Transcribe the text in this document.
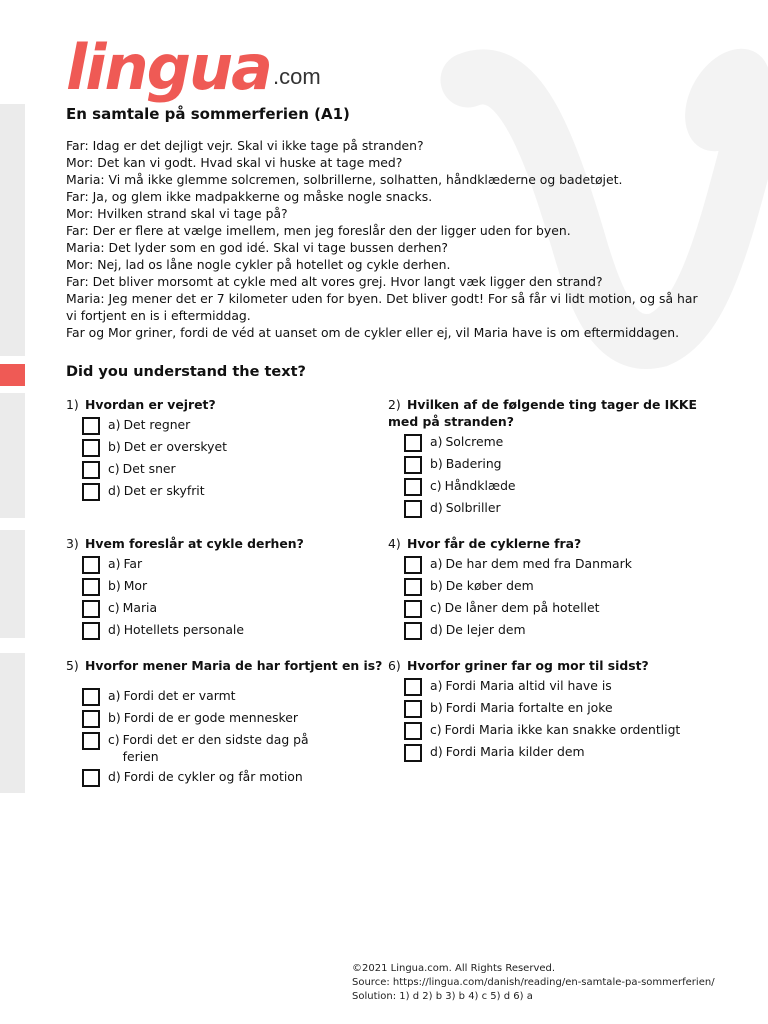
lingua .com
En samtale på sommerferien (A1)
Far: Idag er det dejligt vejr. Skal vi ikke tage på stranden?
Mor: Det kan vi godt. Hvad skal vi huske at tage med?
Maria: Vi må ikke glemme solcremen, solbrillerne, solhatten, håndklæderne og badetøjet.
Far: Ja, og glem ikke madpakkerne og måske nogle snacks.
Mor: Hvilken strand skal vi tage på?
Far: Der er flere at vælge imellem, men jeg foreslår den der ligger uden for byen.
Maria: Det lyder som en god idé. Skal vi tage bussen derhen?
Mor: Nej, lad os låne nogle cykler på hotellet og cykle derhen.
Far: Det bliver morsomt at cykle med alt vores grej. Hvor langt væk ligger den strand?
Maria: Jeg mener det er 7 kilometer uden for byen. Det bliver godt! For så får vi lidt motion, og så har
vi fortjent en is i eftermiddag.
Far og Mor griner, fordi de véd at uanset om de cykler eller ej, vil Maria have is om eftermiddagen.
Did you understand the text?
1) Hvordan er vejret?
a) Det regner
b) Det er overskyet
c) Det sner
d) Det er skyfrit
2) Hvilken af de følgende ting tager de IKKE med på stranden?
a) Solcreme
b) Badering
c) Håndklæde
d) Solbriller
3) Hvem foreslår at cykle derhen?
a) Far
b) Mor
c) Maria
d) Hotellets personale
4) Hvor får de cyklerne fra?
a) De har dem med fra Danmark
b) De køber dem
c) De låner dem på hotellet
d) De lejer dem
5) Hvorfor mener Maria de har fortjent en is?
a) Fordi det er varmt
b) Fordi de er gode mennesker
c) Fordi det er den sidste dag på ferien
d) Fordi de cykler og får motion
6) Hvorfor griner far og mor til sidst?
a) Fordi Maria altid vil have is
b) Fordi Maria fortalte en joke
c) Fordi Maria ikke kan snakke ordentligt
d) Fordi Maria kilder dem
©2021 Lingua.com. All Rights Reserved.
Source: https://lingua.com/danish/reading/en-samtale-pa-sommerferien/
Solution: 1) d 2) b 3) b 4) c 5) d 6) a
